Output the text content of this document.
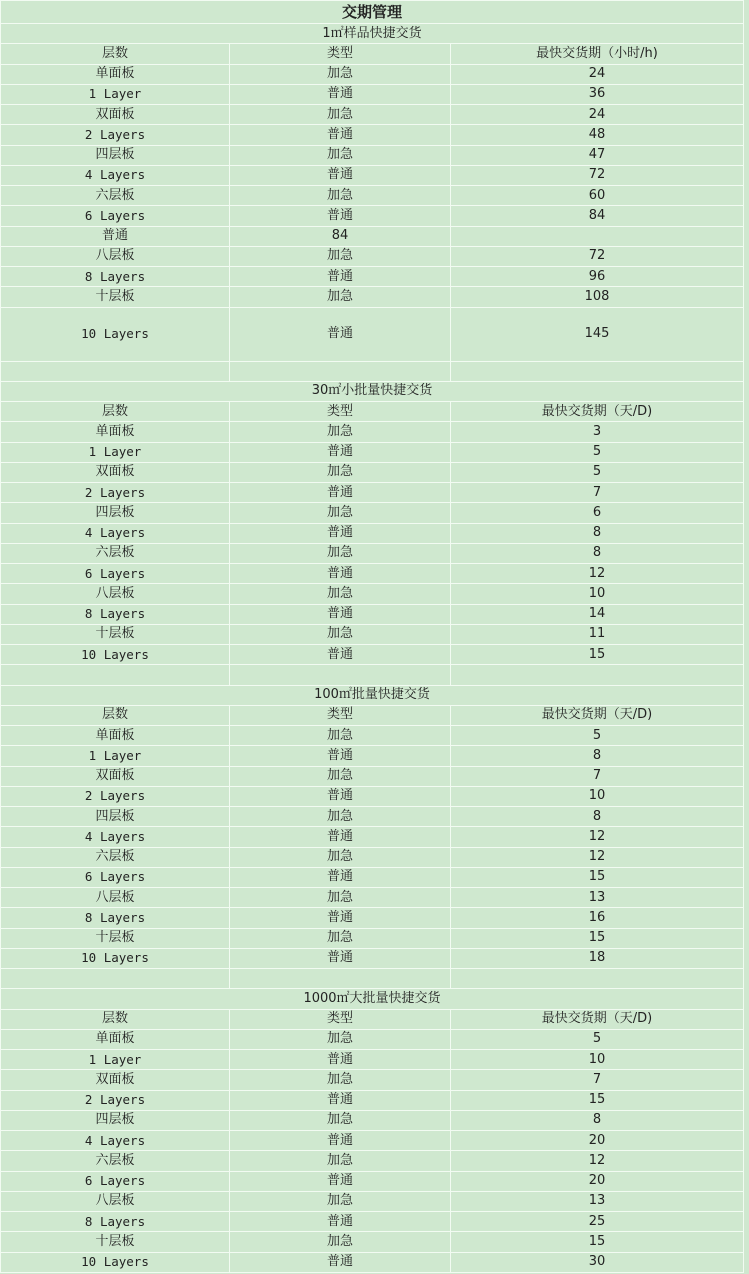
交期管理		
1㎡样品快捷交货		
层数	类型	最快交货期（小时/h)
单面板	加急	24
1 Layer	普通	36
双面板	加急	24
2 Layers	普通	48
四层板	加急	47
4 Layers	普通	72
六层板	加急	60
6 Layers	普通	84
普通	84	
八层板	加急	72
8 Layers	普通	96
十层板	加急	108
10 Layers	普通	145

30㎡小批量快捷交货		
层数	类型	最快交货期（天/D)
单面板	加急	3
1 Layer	普通	5
双面板	加急	5
2 Layers	普通	7
四层板	加急	6
4 Layers	普通	8
六层板	加急	8
6 Layers	普通	12
八层板	加急	10
8 Layers	普通	14
十层板	加急	11
10 Layers	普通	15

100㎡批量快捷交货		
层数	类型	最快交货期（天/D)
单面板	加急	5
1 Layer	普通	8
双面板	加急	7
2 Layers	普通	10
四层板	加急	8
4 Layers	普通	12
六层板	加急	12
6 Layers	普通	15
八层板	加急	13
8 Layers	普通	16
十层板	加急	15
10 Layers	普通	18

1000㎡大批量快捷交货		
层数	类型	最快交货期（天/D)
单面板	加急	5
1 Layer	普通	10
双面板	加急	7
2 Layers	普通	15
四层板	加急	8
4 Layers	普通	20
六层板	加急	12
6 Layers	普通	20
八层板	加急	13
8 Layers	普通	25
十层板	加急	15
10 Layers	普通	30
